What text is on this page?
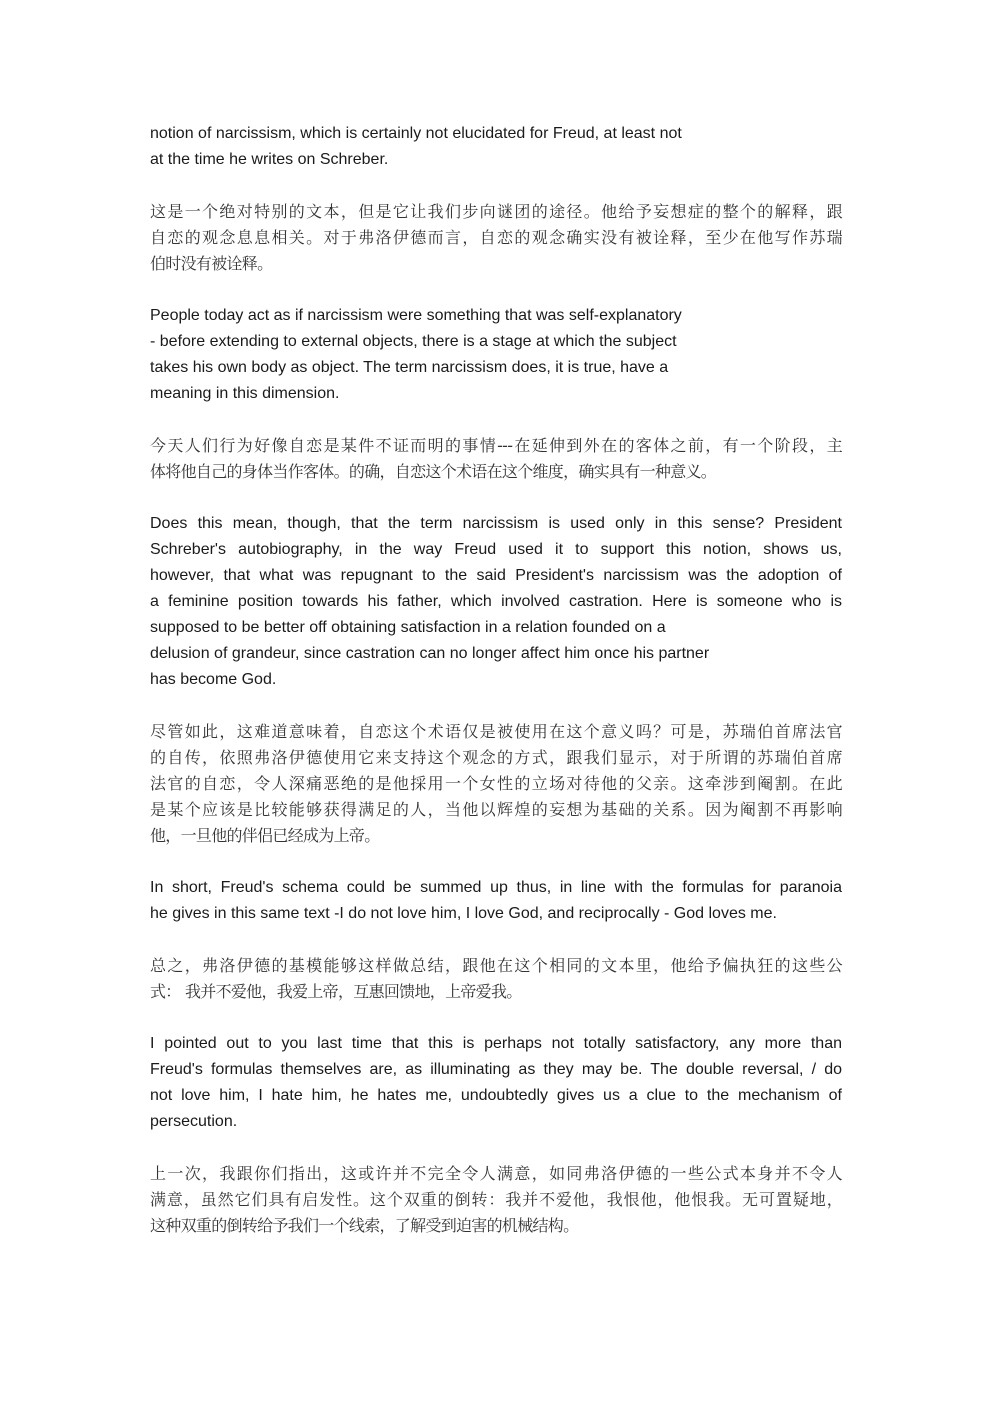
notion of narcissism, which is certainly not elucidated for Freud, at least not
at the time he writes on Schreber.
这是一个绝对特别的文本，但是它让我们步向谜团的途径。他给予妄想症的整个的解释，跟
自恋的观念息息相关。对于弗洛伊德而言，自恋的观念确实没有被诠释，至少在他写作苏瑞
伯时没有被诠释。
People today act as if narcissism were something that was self-explanatory
- before extending to external objects, there is a stage at which the subject
takes his own body as object. The term narcissism does, it is true, have a
meaning in this dimension.
今天人们行为好像自恋是某件不证而明的事情---在延伸到外在的客体之前，有一个阶段，主
体将他自己的身体当作客体。的确，自恋这个术语在这个维度，确实具有一种意义。
Does this mean, though, that the term narcissism is used only in this sense? President
Schreber's autobiography, in the way Freud used it to support this notion, shows us,
however, that what was repugnant to the said President's narcissism was the adoption of
a feminine position towards his father, which involved castration. Here is someone who is
supposed to be better off obtaining satisfaction in a relation founded on a
delusion of grandeur, since castration can no longer affect him once his partner
has become God.
尽管如此，这难道意味着，自恋这个术语仅是被使用在这个意义吗？可是，苏瑞伯首席法官
的自传，依照弗洛伊德使用它来支持这个观念的方式，跟我们显示，对于所谓的苏瑞伯首席
法官的自恋，令人深痛恶绝的是他採用一个女性的立场对待他的父亲。这牵涉到阉割。在此
是某个应该是比较能够获得满足的人，当他以辉煌的妄想为基础的关系。因为阉割不再影响
他，一旦他的伴侣已经成为上帝。
In short, Freud's schema could be summed up thus, in line with the formulas for paranoia
he gives in this same text -I do not love him, I love God, and reciprocally - God loves me.
总之，弗洛伊德的基模能够这样做总结，跟他在这个相同的文本里，他给予偏执狂的这些公
式： 我并不爱他，我爱上帝，互惠回馈地，上帝爱我。
I pointed out to you last time that this is perhaps not totally satisfactory, any more than
Freud's formulas themselves are, as illuminating as they may be. The double reversal, / do
not love him, I hate him, he hates me, undoubtedly gives us a clue to the mechanism of
persecution.
上一次，我跟你们指出，这或许并不完全令人满意，如同弗洛伊德的一些公式本身并不令人
满意，虽然它们具有启发性。这个双重的倒转：我并不爱他，我恨他，他恨我。无可置疑地，
这种双重的倒转给予我们一个线索，了解受到迫害的机械结构。
